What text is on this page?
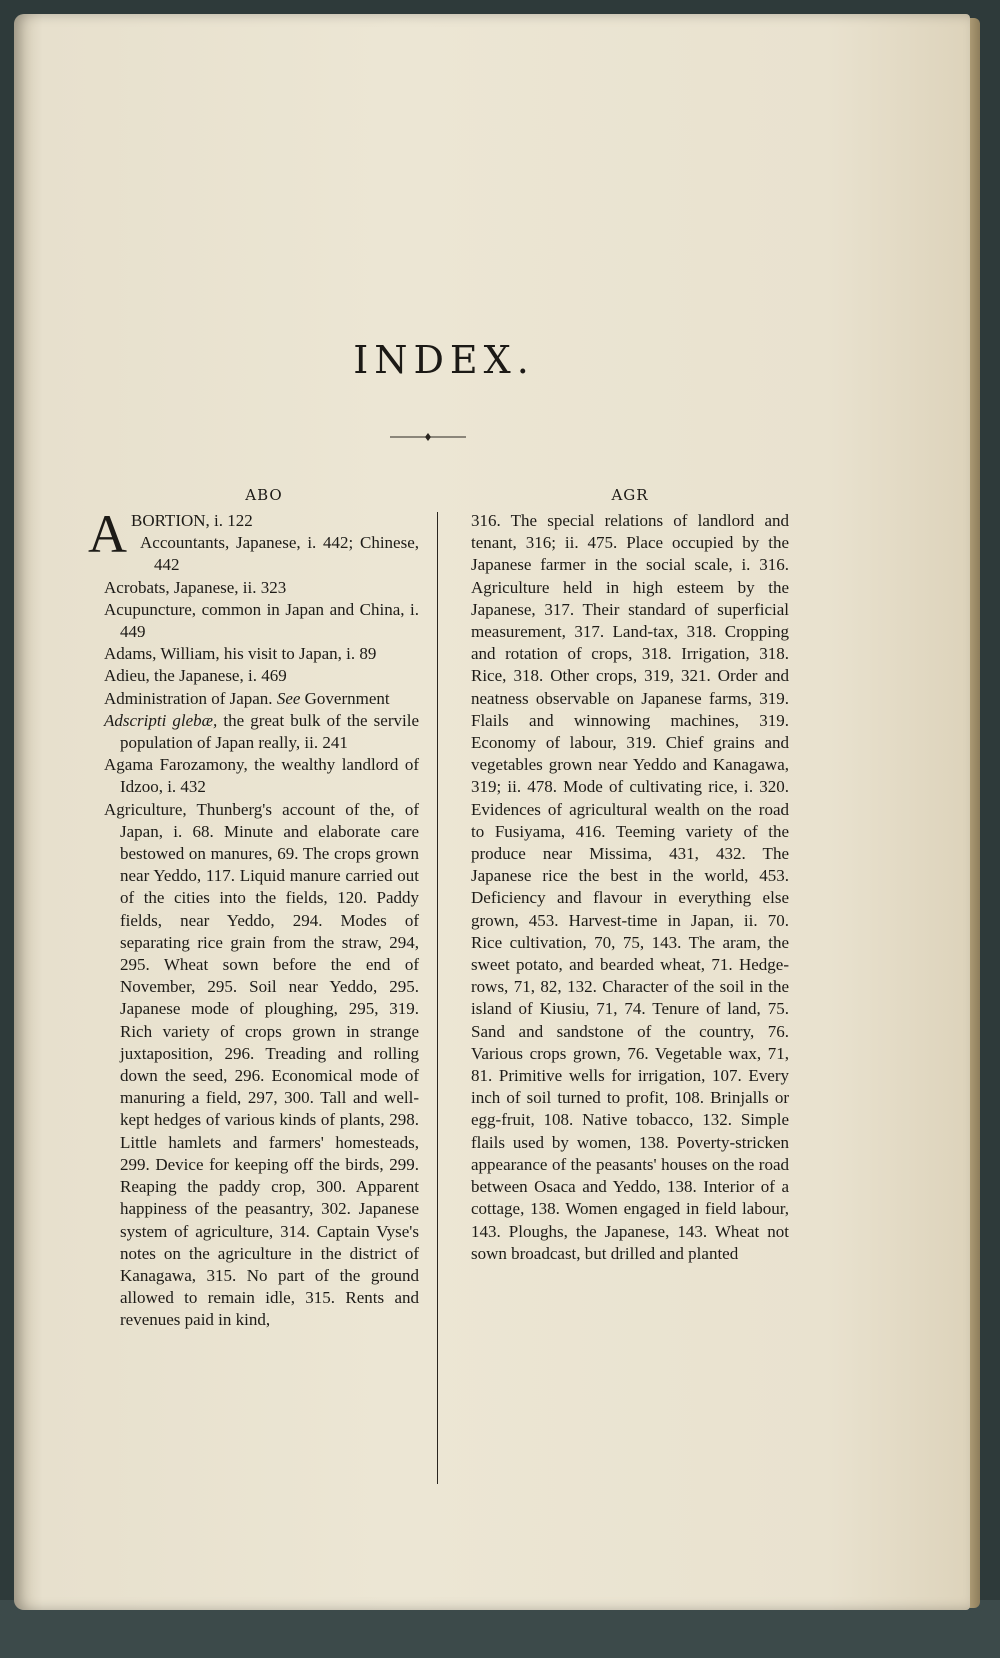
INDEX.
ABO	AGR

ABORTION, i. 122

Accountants, Japanese, i. 442; Chinese, 442

Acrobats, Japanese, ii. 323

Acupuncture, common in Japan and China, i. 449

Adams, William, his visit to Japan, i. 89

Adieu, the Japanese, i. 469

Administration of Japan. See Government

Adscripti glebæ, the great bulk of the servile population of Japan really, ii. 241

Agama Farozamony, the wealthy landlord of Idzoo, i. 432

Agriculture, Thunberg's account of the, of Japan, i. 68. Minute and elaborate care bestowed on manures, 69. The crops grown near Yeddo, 117. Liquid manure carried out of the cities into the fields, 120. Paddy fields, near Yeddo, 294. Modes of separating rice grain from the straw, 294, 295. Wheat sown before the end of November, 295. Soil near Yeddo, 295. Japanese mode of ploughing, 295, 319. Rich variety of crops grown in strange juxtaposition, 296. Treading and rolling down the seed, 296. Economical mode of manuring a field, 297, 300. Tall and well-kept hedges of various kinds of plants, 298. Little hamlets and farmers' homesteads, 299. Device for keeping off the birds, 299. Reaping the paddy crop, 300. Apparent happiness of the peasantry, 302. Japanese system of agriculture, 314. Captain Vyse's notes on the agriculture in the district of Kanagawa, 315. No part of the ground allowed to remain idle, 315. Rents and revenues paid in kind,

316. The special relations of landlord and tenant, 316; ii. 475. Place occupied by the Japanese farmer in the social scale, i. 316. Agriculture held in high esteem by the Japanese, 317. Their standard of superficial measurement, 317. Land-tax, 318. Cropping and rotation of crops, 318. Irrigation, 318. Rice, 318. Other crops, 319, 321. Order and neatness observable on Japanese farms, 319. Flails and winnowing machines, 319. Economy of labour, 319. Chief grains and vegetables grown near Yeddo and Kanagawa, 319; ii. 478. Mode of cultivating rice, i. 320. Evidences of agricultural wealth on the road to Fusiyama, 416. Teeming variety of the produce near Missima, 431, 432. The Japanese rice the best in the world, 453. Deficiency and flavour in everything else grown, 453. Harvest-time in Japan, ii. 70. Rice cultivation, 70, 75, 143. The aram, the sweet potato, and bearded wheat, 71. Hedge-rows, 71, 82, 132. Character of the soil in the island of Kiusiu, 71, 74. Tenure of land, 75. Sand and sandstone of the country, 76. Various crops grown, 76. Vegetable wax, 71, 81. Primitive wells for irrigation, 107. Every inch of soil turned to profit, 108. Brinjalls or egg-fruit, 108. Native tobacco, 132. Simple flails used by women, 138. Poverty-stricken appearance of the peasants' houses on the road between Osaca and Yeddo, 138. Interior of a cottage, 138. Women engaged in field labour, 143. Ploughs, the Japanese, 143. Wheat not sown broadcast, but drilled and planted
